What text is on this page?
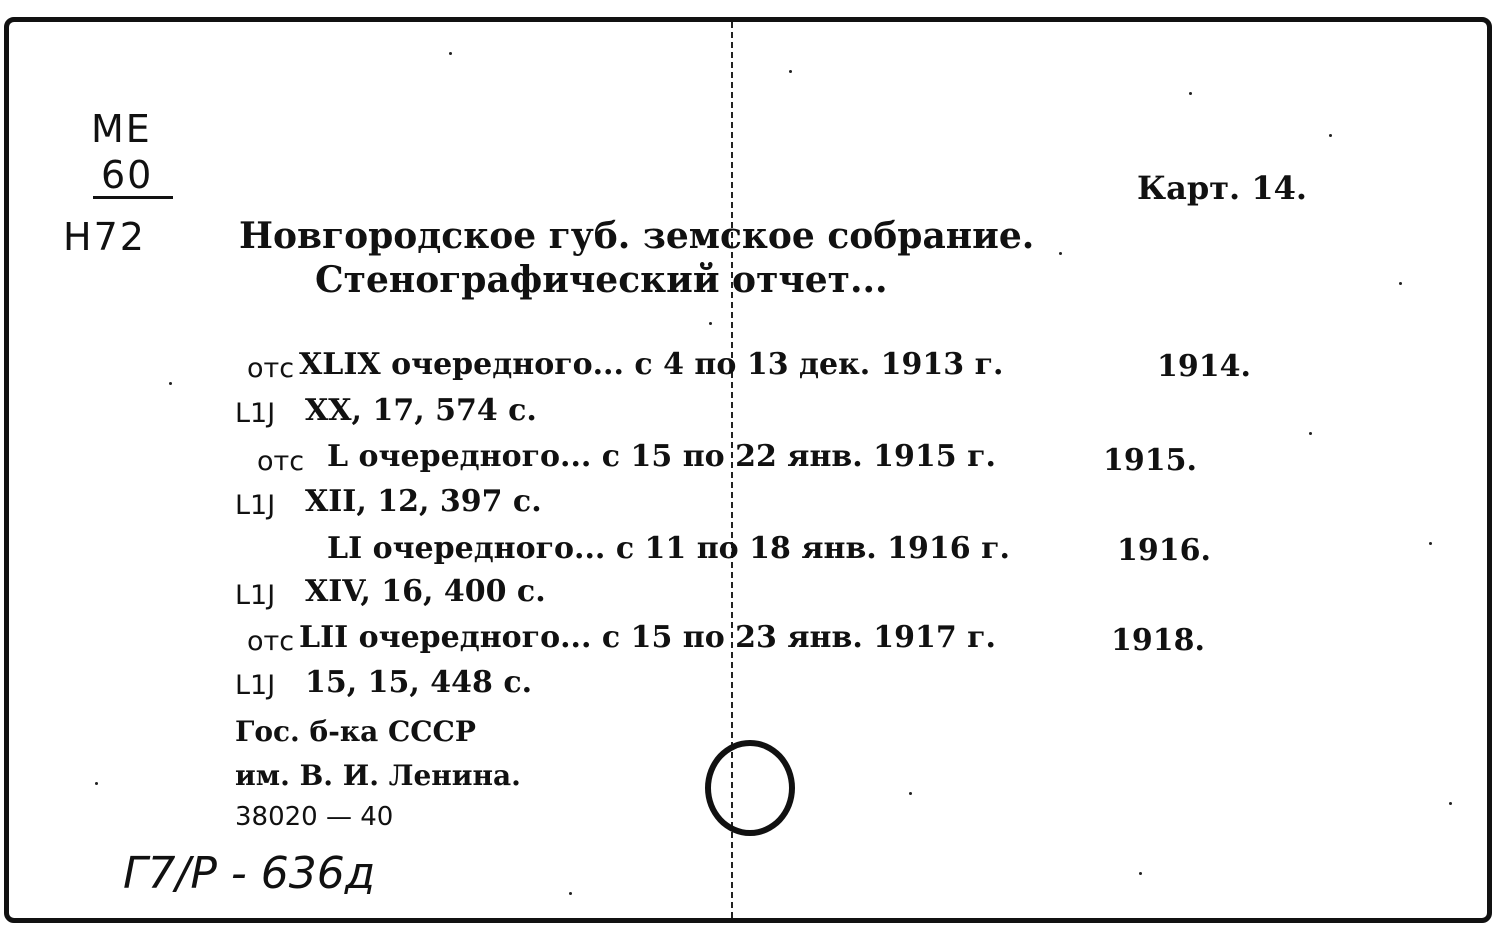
МЕ
60
Н72
Карт. 14.
Новгородское губ. земское собрание.
Стенографический отчет...
отс XLIX очередного... с 4 по 13 дек. 1913 г.	1914.
L1J XX, 17, 574 с.
отс L очередного... с 15 по 22 янв. 1915 г.	1915.
L1J XII, 12, 397 с.
LI очередного... с 11 по 18 янв. 1916 г.	1916.
L1J XIV, 16, 400 с.
отс LII очередного... с 15 по 23 янв. 1917 г.	1918.
L1J 15, 15, 448 с.
Гос. б-ка СССР
им. В. И. Ленина.
38020 — 40
Г7/Р - 636д
